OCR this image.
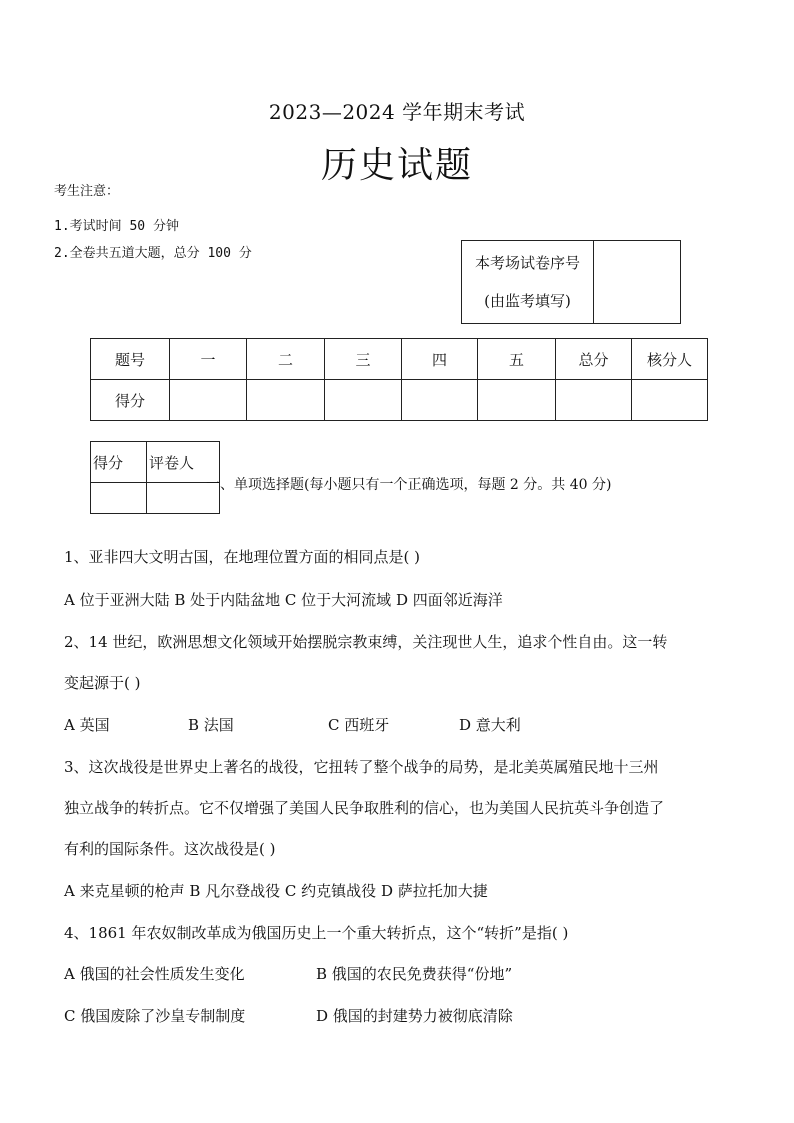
2023—2024 学年期末考试
历史试题
考生注意：
1.考试时间 50 分钟
2.全卷共五道大题，总分 100 分
本考场试卷序号
(由监考填写)

题号	一	二	三	四	五	总分	核分人
得分							
得分	评卷人

一、单项选择题(每小题只有一个正确选项，每题 2 分。共 40 分)
1、亚非四大文明古国，在地理位置方面的相同点是( )
A 位于亚洲大陆 B 处于内陆盆地 C 位于大河流域 D 四面邻近海洋
2、14 世纪，欧洲思想文化领域开始摆脱宗教束缚，关注现世人生，追求个性自由。这一转
变起源于( )
A 英国	B 法国	C 西班牙	D 意大利
3、这次战役是世界史上著名的战役，它扭转了整个战争的局势，是北美英属殖民地十三州
独立战争的转折点。它不仅增强了美国人民争取胜利的信心，也为美国人民抗英斗争创造了
有利的国际条件。这次战役是( )
A 来克星顿的枪声 B 凡尔登战役 C 约克镇战役 D 萨拉托加大捷
4、1861 年农奴制改革成为俄国历史上一个重大转折点，这个“转折”是指( )
A 俄国的社会性质发生变化	B 俄国的农民免费获得“份地”
C 俄国废除了沙皇专制制度	D 俄国的封建势力被彻底清除
